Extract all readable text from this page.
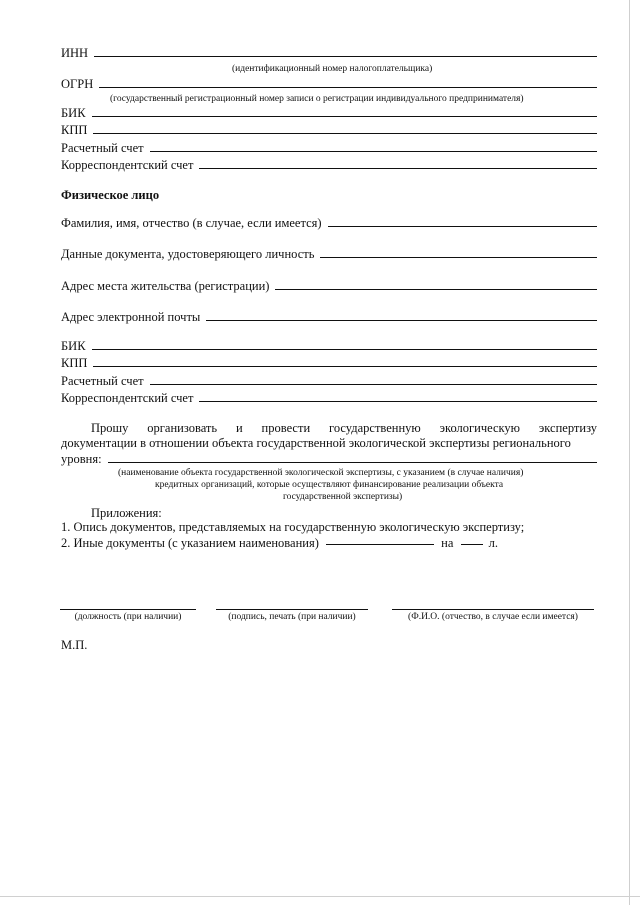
ИНН
(идентификационный номер налогоплательщика)
ОГРН
(государственный регистрационный номер записи о регистрации индивидуального предпринимателя)
БИК
КПП
Расчетный счет
Корреспондентский счет
Физическое лицо
Фамилия, имя, отчество (в случае, если имеется)
Данные документа, удостоверяющего личность
Адрес места жительства (регистрации)
Адрес электронной почты
БИК
КПП
Расчетный счет
Корреспондентский счет
Прошу организовать и провести государственную экологическую экспертизу
документации в отношении объекта государственной экологической экспертизы регионального
уровня:
(наименование объекта государственной экологической экспертизы, с указанием (в случае наличия)
кредитных организаций, которые осуществляют финансирование реализации объекта
государственной экспертизы)
Приложения:
1. Опись документов, представляемых на государственную экологическую экспертизу;
2. Иные документы (с указанием наименования)	на	л.
(должность (при наличии)	(подпись, печать (при наличии)	(Ф.И.О. (отчество, в случае если имеется)
М.П.
